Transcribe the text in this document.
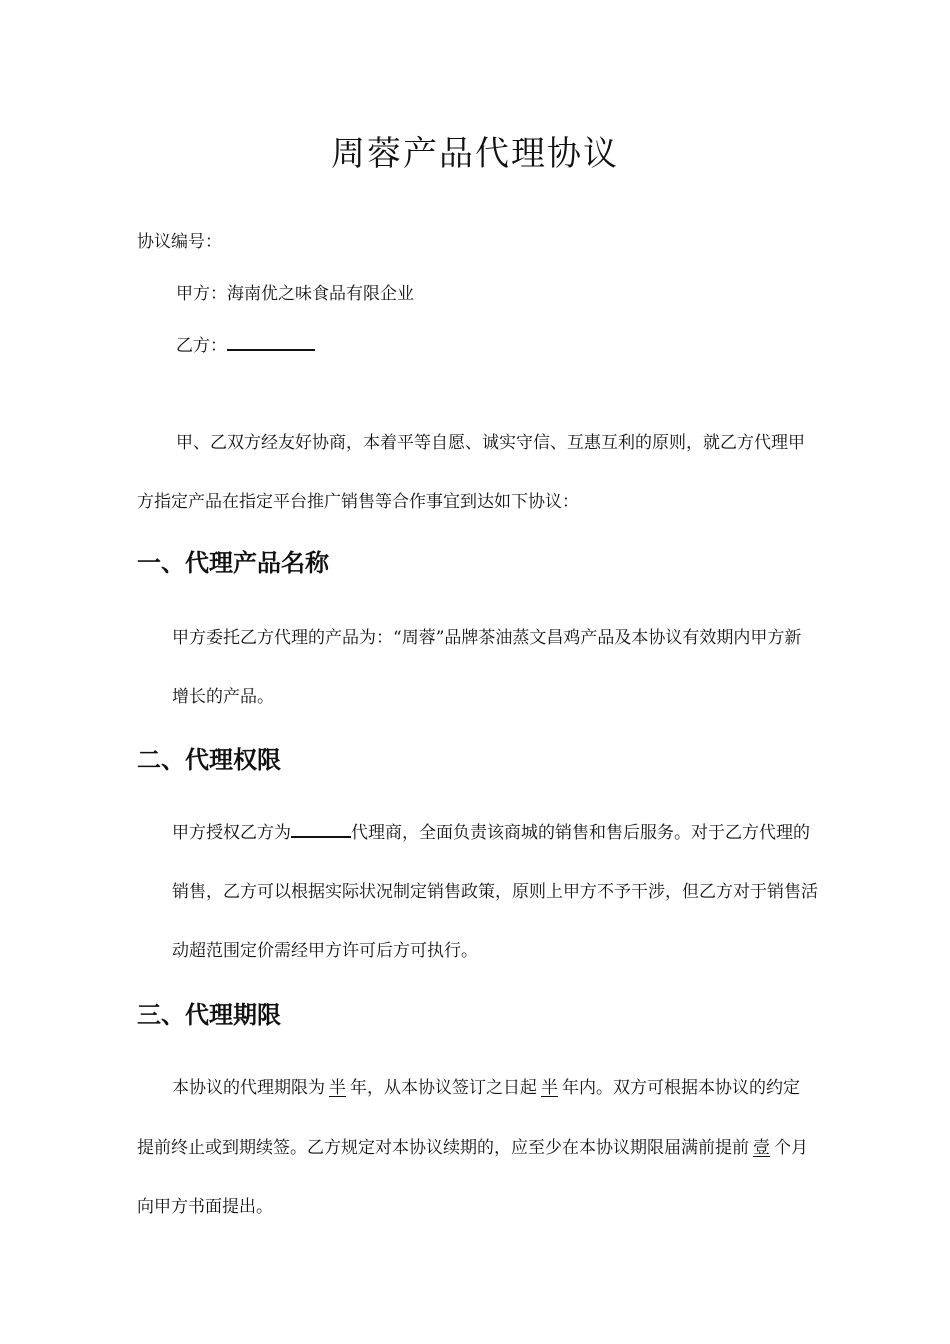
周蓉产品代理协议
协议编号：
甲方：海南优之味食品有限企业
乙方：
甲、乙双方经友好协商，本着平等自愿、诚实守信、互惠互利的原则，就乙方代理甲
方指定产品在指定平台推广销售等合作事宜到达如下协议：
一、代理产品名称
甲方委托乙方代理的产品为：“周蓉”品牌茶油蒸文昌鸡产品及本协议有效期内甲方新
增长的产品。
二、代理权限
甲方授权乙方为	代理商，全面负责该商城的销售和售后服务。对于乙方代理的
销售，乙方可以根据实际状况制定销售政策，原则上甲方不予干涉，但乙方对于销售活
动超范围定价需经甲方许可后方可执行。
三、代理期限
本协议的代理期限为 半 年，从本协议签订之日起 半 年内。双方可根据本协议的约定
提前终止或到期续签。乙方规定对本协议续期的，应至少在本协议期限届满前提前 壹 个月
向甲方书面提出。
